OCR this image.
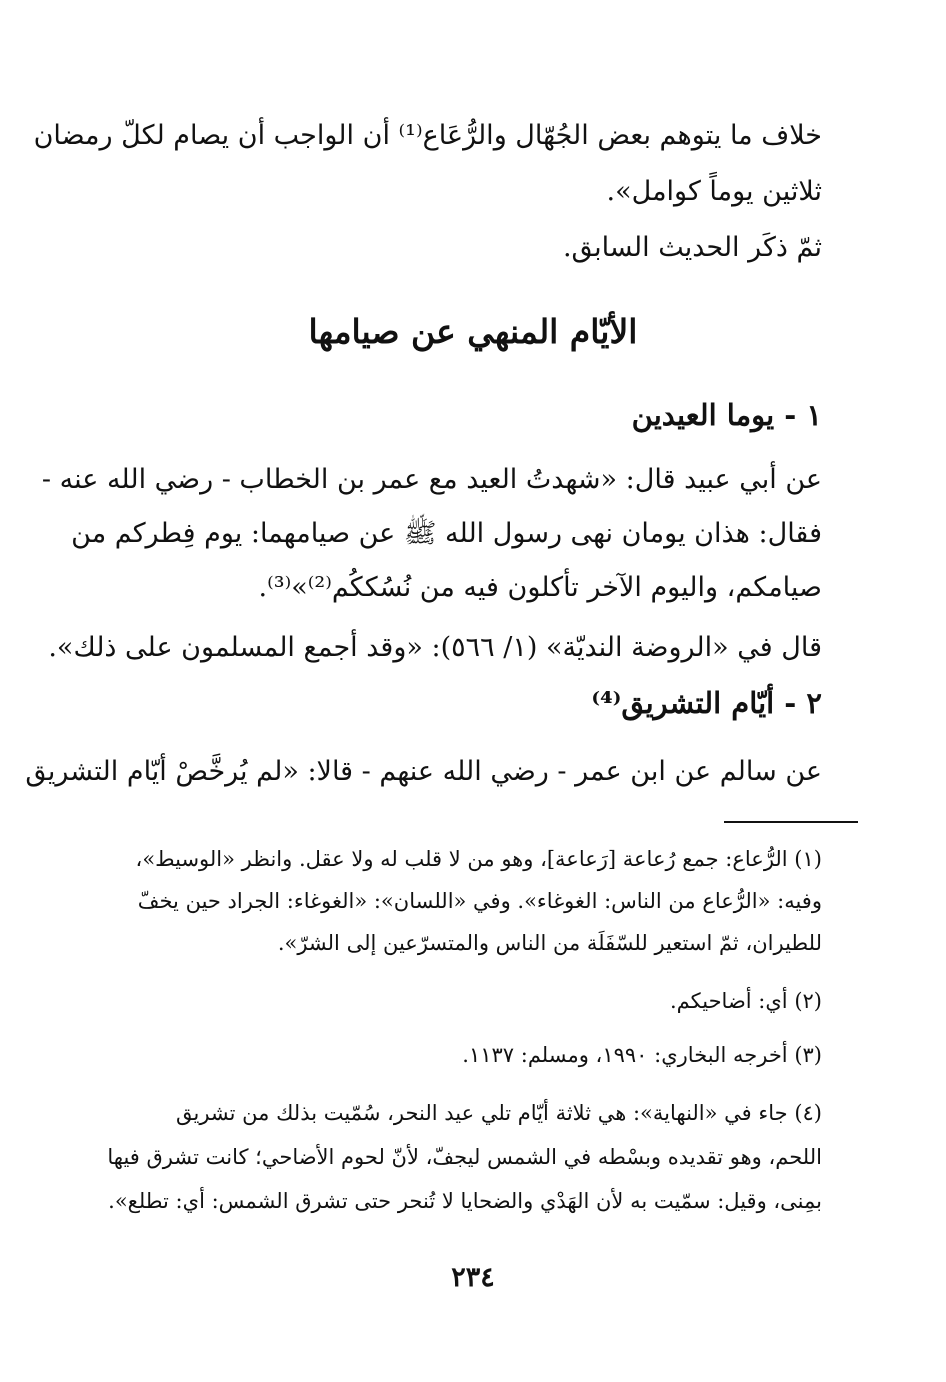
خلاف ما يتوهم بعض الجُهّال والرُّعَاع⁽¹⁾ أن الواجب أن يصام لكلّ رمضان

ثلاثين يوماً كوامل».

ثمّ ذكَر الحديث السابق.

الأيّام المنهي عن صيامها
١ - يوما العيدين

عن أبي عبيد قال: «شهدتُ العيد مع عمر بن الخطاب - رضي الله عنه -

فقال: هذان يومان نهى رسول الله ﷺ عن صيامهما: يوم فِطركم من

صيامكم، واليوم الآخر تأكلون فيه من نُسُككُم⁽²⁾»⁽³⁾.

قال في «الروضة النديّة» (١/ ٥٦٦): «وقد أجمع المسلمون على ذلك».

٢ - أيّام التشريق⁽⁴⁾

عن سالم عن ابن عمر - رضي الله عنهم - قالا: «لم يُرخَّصْ أيّام التشريق

(١) الرُّعاع: جمع رُعاعة [رَعاعة]، وهو من لا قلب له ولا عقل. وانظر «الوسيط»،

وفيه: «الرُّعاع من الناس: الغوغاء». وفي «اللسان»: «الغوغاء: الجراد حين يخفّ

للطيران، ثمّ استعير للسّفَلَة من الناس والمتسرّعين إلى الشرّ».

(٢) أي: أضاحيكم.

(٣) أخرجه البخاري: ١٩٩٠، ومسلم: ١١٣٧.

(٤) جاء في «النهاية»: هي ثلاثة أيّام تلي عيد النحر، سُمّيت بذلك من تشريق

اللحم، وهو تقديده وبسْطه في الشمس ليجفّ، لأنّ لحوم الأضاحي؛ كانت تشرق فيها

بمِنى، وقيل: سمّيت به لأن الهَدْي والضحايا لا تُنحر حتى تشرق الشمس: أي: تطلع».

٢٣٤
